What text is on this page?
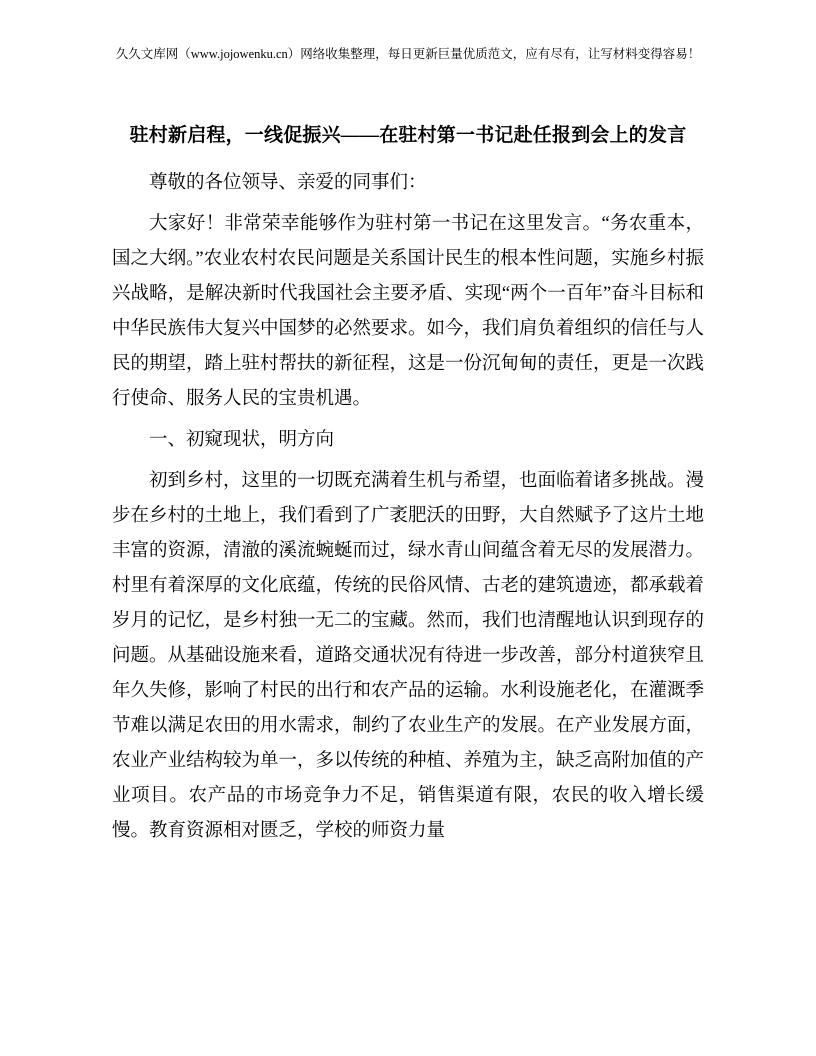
久久文库网（www.jojowenku.cn）网络收集整理，每日更新巨量优质范文，应有尽有，让写材料变得容易！
驻村新启程，一线促振兴——在驻村第一书记赴任报到会上的发言

尊敬的各位领导、亲爱的同事们：

大家好！非常荣幸能够作为驻村第一书记在这里发言。“务农重本，国之大纲。”农业农村农民问题是关系国计民生的根本性问题，实施乡村振兴战略，是解决新时代我国社会主要矛盾、实现“两个一百年”奋斗目标和中华民族伟大复兴中国梦的必然要求。如今，我们肩负着组织的信任与人民的期望，踏上驻村帮扶的新征程，这是一份沉甸甸的责任，更是一次践行使命、服务人民的宝贵机遇。

一、初窥现状，明方向

初到乡村，这里的一切既充满着生机与希望，也面临着诸多挑战。漫步在乡村的土地上，我们看到了广袤肥沃的田野，大自然赋予了这片土地丰富的资源，清澈的溪流蜿蜒而过，绿水青山间蕴含着无尽的发展潜力。村里有着深厚的文化底蕴，传统的民俗风情、古老的建筑遗迹，都承载着岁月的记忆，是乡村独一无二的宝藏。然而，我们也清醒地认识到现存的问题。从基础设施来看，道路交通状况有待进一步改善，部分村道狭窄且年久失修，影响了村民的出行和农产品的运输。水利设施老化，在灌溉季节难以满足农田的用水需求，制约了农业生产的发展。在产业发展方面，农业产业结构较为单一，多以传统的种植、养殖为主，缺乏高附加值的产业项目。农产品的市场竞争力不足，销售渠道有限，农民的收入增长缓慢。教育资源相对匮乏，学校的师资力量
